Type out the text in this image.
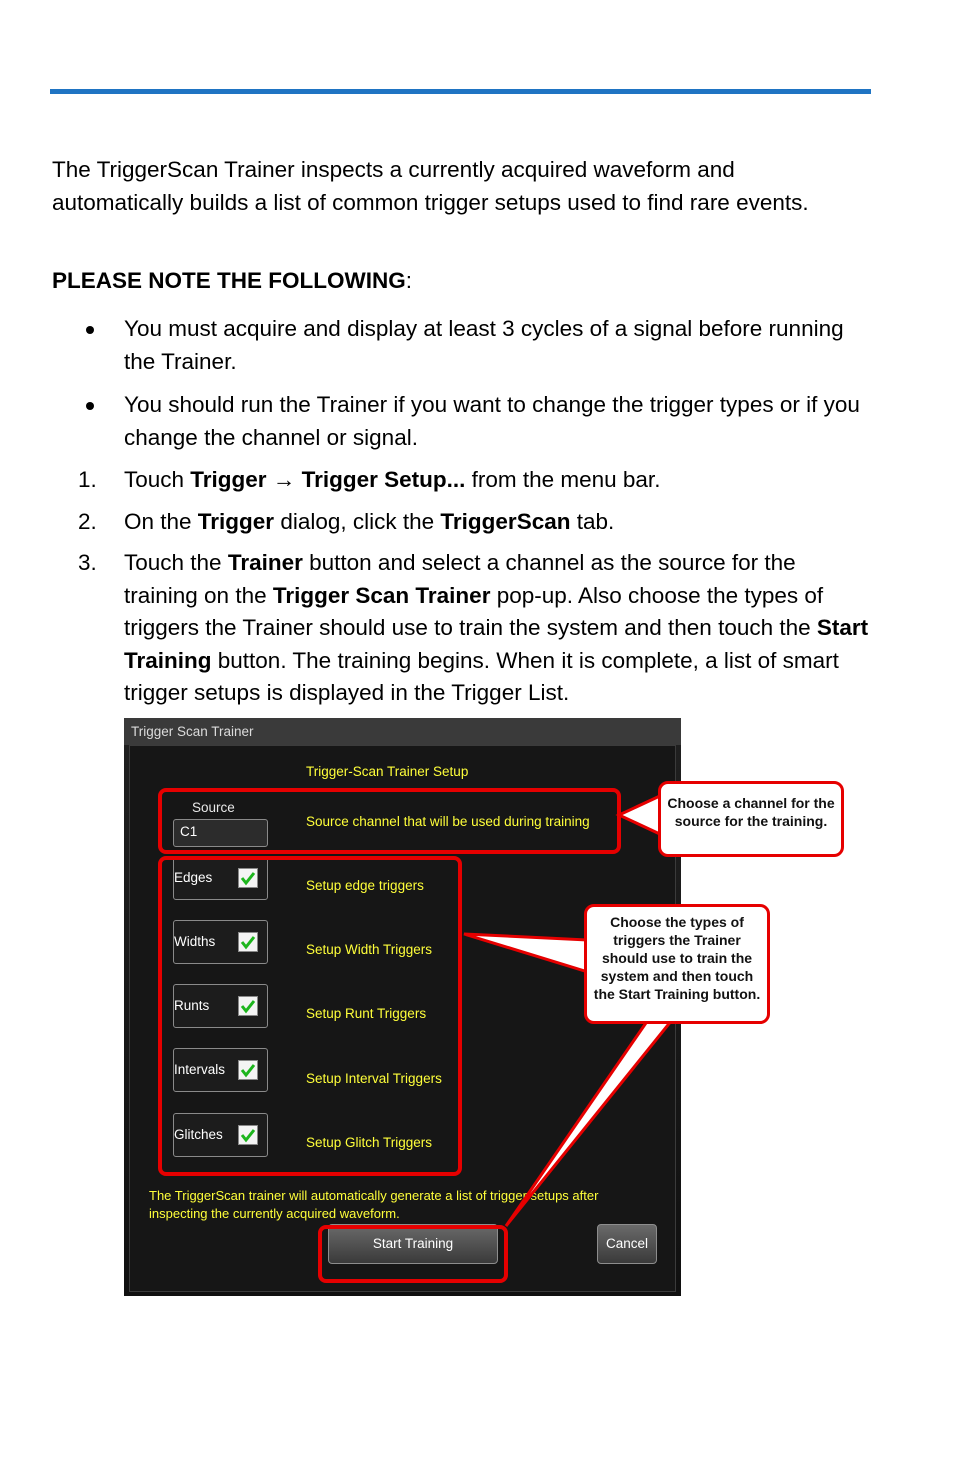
The TriggerScan Trainer inspects a currently acquired waveform and automatically builds a list of common trigger setups used to find rare events.
PLEASE NOTE THE FOLLOWING:
You must acquire and display at least 3 cycles of a signal before running the Trainer.
You should run the Trainer if you want to change the trigger types or if you change the channel or signal.
1. Touch Trigger → Trigger Setup... from the menu bar.
2. On the Trigger dialog, click the TriggerScan tab.
3. Touch the Trainer button and select a channel as the source for the training on the Trigger Scan Trainer pop-up. Also choose the types of triggers the Trainer should use to train the system and then touch the Start Training button. The training begins. When it is complete, a list of smart trigger setups is displayed in the Trigger List.
Trigger Scan Trainer
Trigger-Scan Trainer Setup
Source
C1
Source channel that will be used during training
Edges
Setup edge triggers
Widths
Setup Width Triggers
Runts
Setup Runt Triggers
Intervals
Setup Interval Triggers
Glitches
Setup Glitch Triggers
The TriggerScan trainer will automatically generate a list of trigger setups after
inspecting the currently acquired waveform.
Start Training	Cancel
Choose a channel for the source for the training.
Choose the types of triggers the Trainer should use to train the system and then touch the Start Training button.
